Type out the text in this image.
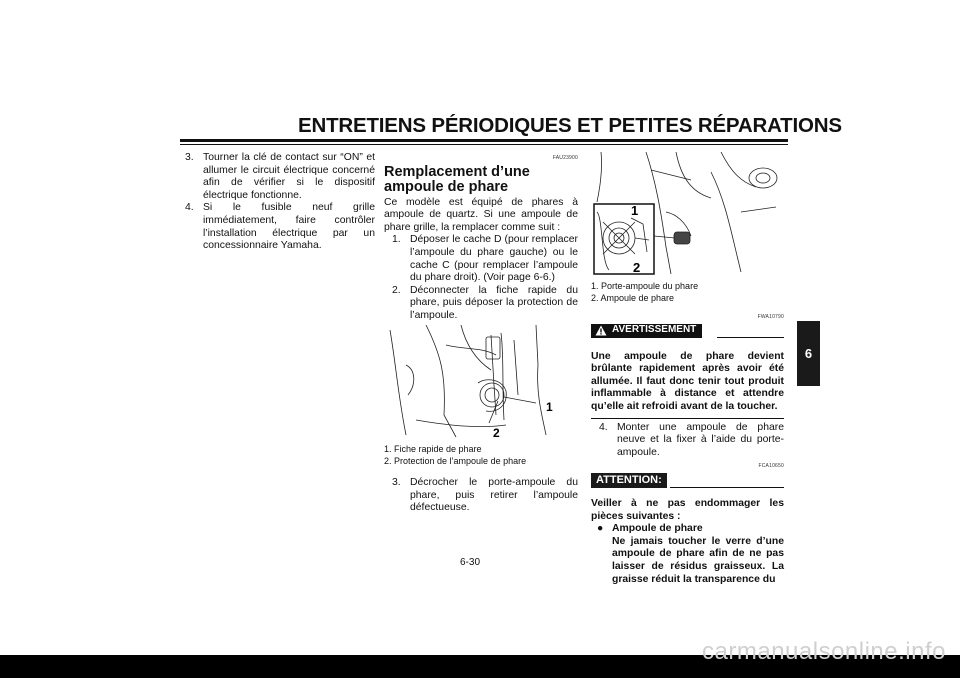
ENTRETIENS PÉRIODIQUES ET PETITES RÉPARATIONS
6
3. Tourner la clé de contact sur “ON” et allumer le circuit électrique concerné afin de vérifier si le dispositif électrique fonctionne.
4. Si le fusible neuf grille immédiatement, faire contrôler l’installation électrique par un concessionnaire Yamaha.
FAU23900
Remplacement d’une ampoule de phare

Ce modèle est équipé de phares à ampoule de quartz. Si une ampoule de phare grille, la remplacer comme suit :

1. Déposer le cache D (pour remplacer l’ampoule du phare gauche) ou le cache C (pour remplacer l’ampoule du phare droit). (Voir page 6-6.)
2. Déconnecter la fiche rapide du phare, puis déposer la protection de l’ampoule.
1
2
1. Fiche rapide de phare
2. Protection de l’ampoule de phare
3. Décrocher le porte-ampoule du phare, puis retirer l’ampoule défectueuse.
1
2
1. Porte-ampoule du phare
2. Ampoule de phare
FWA10790
AVERTISSEMENT

Une ampoule de phare devient brûlante rapidement après avoir été allumée. Il faut donc tenir tout produit inflammable à distance et attendre qu’elle ait refroidi avant de la toucher.

4. Monter une ampoule de phare neuve et la fixer à l’aide du porte-ampoule.
FCA10650
ATTENTION:

Veiller à ne pas endommager les pièces suivantes :

● Ampoule de phare
Ne jamais toucher le verre d’une ampoule de phare afin de ne pas laisser de résidus graisseux. La graisse réduit la transparence du
6-30
carmanualsonline.info
